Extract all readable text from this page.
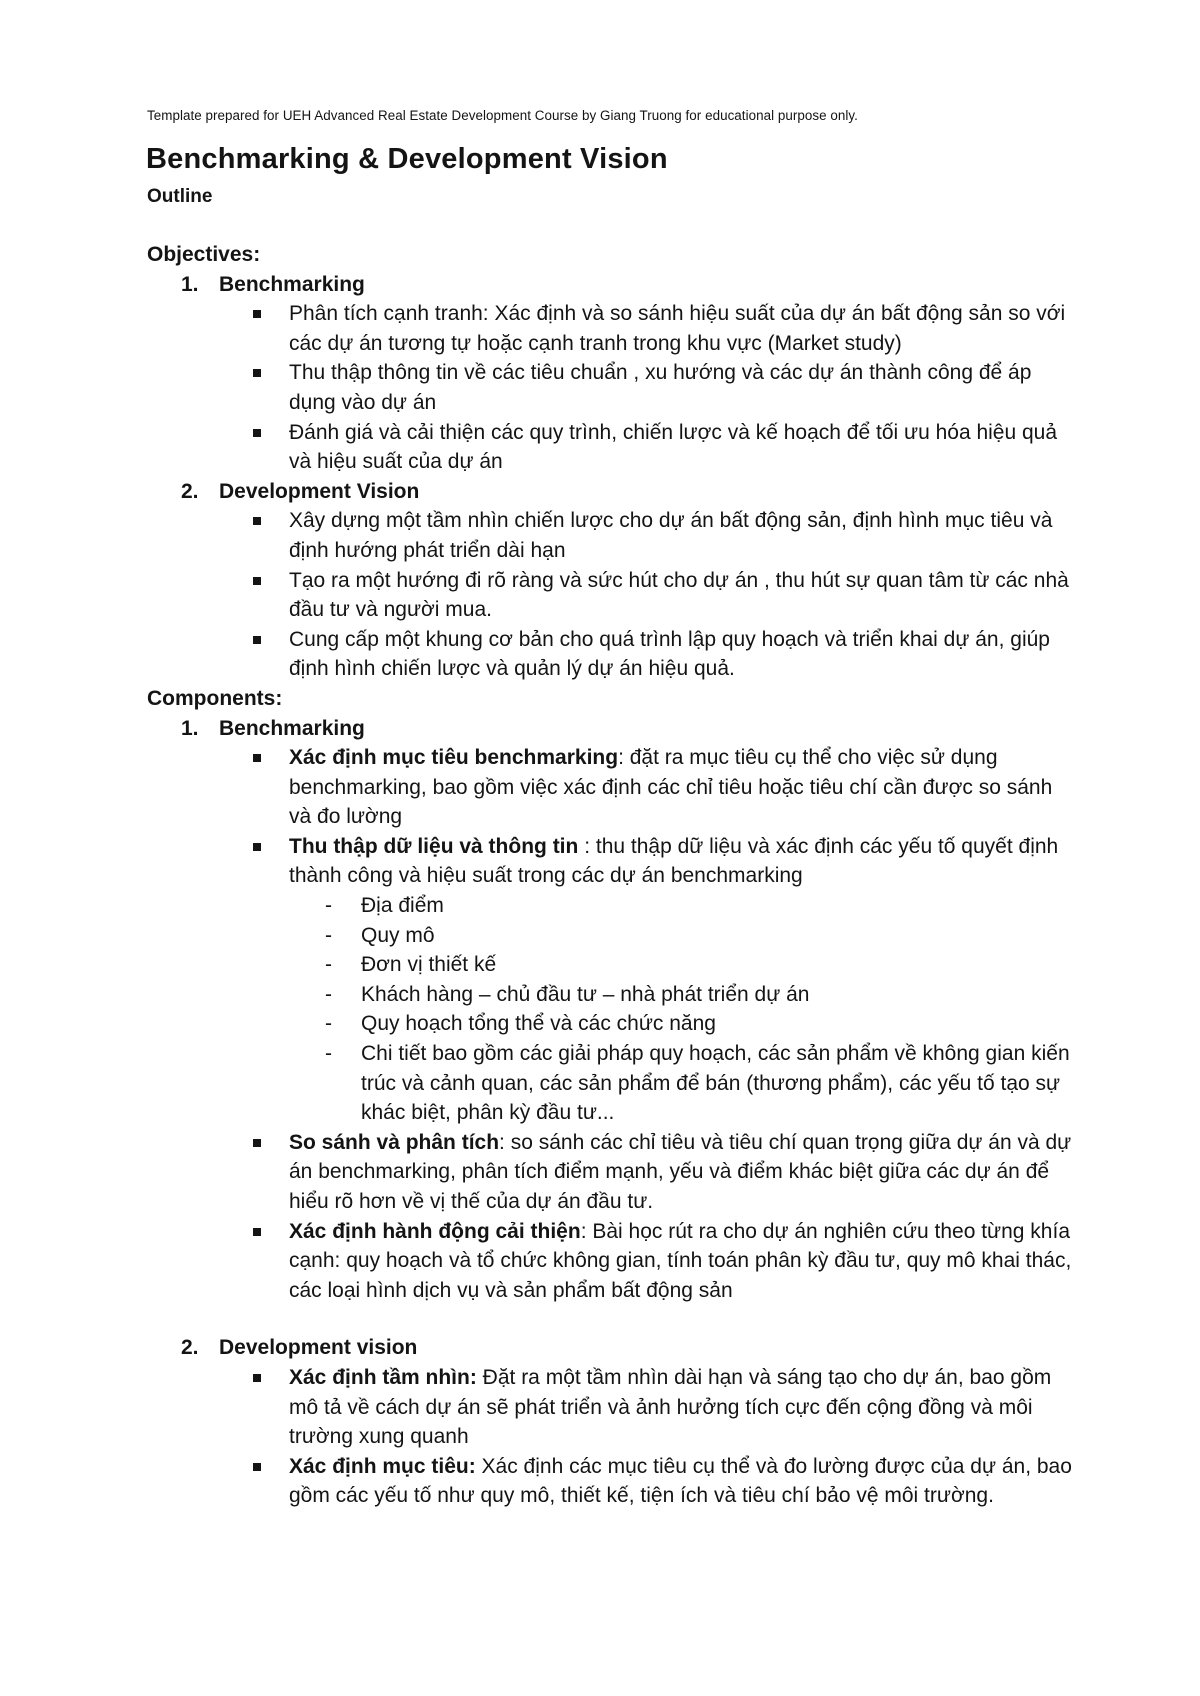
Template prepared for UEH Advanced Real Estate Development Course by Giang Truong for educational purpose only.
Benchmarking & Development Vision
Outline

Objectives:

1. Benchmarking
Phân tích cạnh tranh: Xác định và so sánh hiệu suất của dự án bất động sản so với các dự án tương tự hoặc cạnh tranh trong khu vực (Market study)
Thu thập thông tin về các tiêu chuẩn , xu hướng và các dự án thành công để áp dụng vào dự án
Đánh giá và cải thiện các quy trình, chiến lược và kế hoạch để tối ưu hóa hiệu quả và hiệu suất của dự án
2. Development Vision
Xây dựng một tầm nhìn chiến lược cho dự án bất động sản, định hình mục tiêu và định hướng phát triển dài hạn
Tạo ra một hướng đi rõ ràng và sức hút cho dự án , thu hút sự quan tâm từ các nhà đầu tư và người mua.
Cung cấp một khung cơ bản cho quá trình lập quy hoạch và triển khai dự án, giúp định hình chiến lược và quản lý dự án hiệu quả.

Components:

1. Benchmarking
Xác định mục tiêu benchmarking: đặt ra mục tiêu cụ thể cho việc sử dụng benchmarking, bao gồm việc xác định các chỉ tiêu hoặc tiêu chí cần được so sánh và đo lường
Thu thập dữ liệu và thông tin : thu thập dữ liệu và xác định các yếu tố quyết định thành công và hiệu suất trong các dự án benchmarking
- Địa điểm
- Quy mô
- Đơn vị thiết kế
- Khách hàng – chủ đầu tư – nhà phát triển dự án
- Quy hoạch tổng thể và các chức năng
- Chi tiết bao gồm các giải pháp quy hoạch, các sản phẩm về không gian kiến trúc và cảnh quan, các sản phẩm để bán (thương phẩm), các yếu tố tạo sự khác biệt, phân kỳ đầu tư...
So sánh và phân tích: so sánh các chỉ tiêu và tiêu chí quan trọng giữa dự án và dự án benchmarking, phân tích điểm mạnh, yếu và điểm khác biệt giữa các dự án để hiểu rõ hơn về vị thế của dự án đầu tư.
Xác định hành động cải thiện: Bài học rút ra cho dự án nghiên cứu theo từng khía cạnh: quy hoạch và tổ chức không gian, tính toán phân kỳ đầu tư, quy mô khai thác, các loại hình dịch vụ và sản phẩm bất động sản
2. Development vision
Xác định tầm nhìn: Đặt ra một tầm nhìn dài hạn và sáng tạo cho dự án, bao gồm mô tả về cách dự án sẽ phát triển và ảnh hưởng tích cực đến cộng đồng và môi trường xung quanh
Xác định mục tiêu: Xác định các mục tiêu cụ thể và đo lường được của dự án, bao gồm các yếu tố như quy mô, thiết kế, tiện ích và tiêu chí bảo vệ môi trường.
